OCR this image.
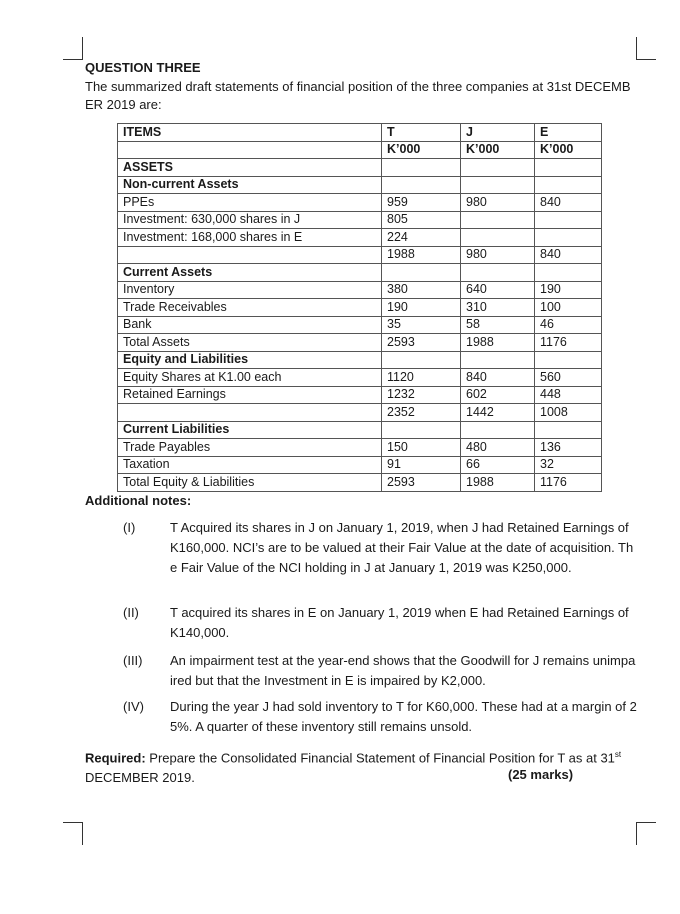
QUESTION THREE
The summarized draft statements of financial position of the three companies at 31st DECEMBER 2019 are:
ITEMS	T	J	E
	K’000	K’000	K’000
ASSETS			
Non-current Assets			
PPEs	959	980	840
Investment: 630,000 shares in J	805		
Investment: 168,000 shares in E	224		
	1988	980	840
Current Assets			
Inventory	380	640	190
Trade Receivables	190	310	100
Bank	35	58	46
Total Assets	2593	1988	1176
Equity and Liabilities			
Equity Shares at K1.00 each	1120	840	560
Retained Earnings	1232	602	448
	2352	1442	1008
Current Liabilities			
Trade Payables	150	480	136
Taxation	91	66	32
Total Equity & Liabilities	2593	1988	1176
Additional notes:
(I)	T Acquired its shares in J on January 1, 2019, when J had Retained Earnings of K160,000. NCI’s are to be valued at their Fair Value at the date of acquisition. The Fair Value of the NCI holding in J at January 1, 2019 was K250,000.
(II)	T acquired its shares in E on January 1, 2019 when E had Retained Earnings of K140,000.
(III)	An impairment test at the year-end shows that the Goodwill for J remains unimpaired but that the Investment in E is impaired by K2,000.
(IV)	During the year J had sold inventory to T for K60,000. These had at a margin of 25%. A quarter of these inventory still remains unsold.
Required: Prepare the Consolidated Financial Statement of Financial Position for T as at 31st DECEMBER 2019.	(25 marks)
